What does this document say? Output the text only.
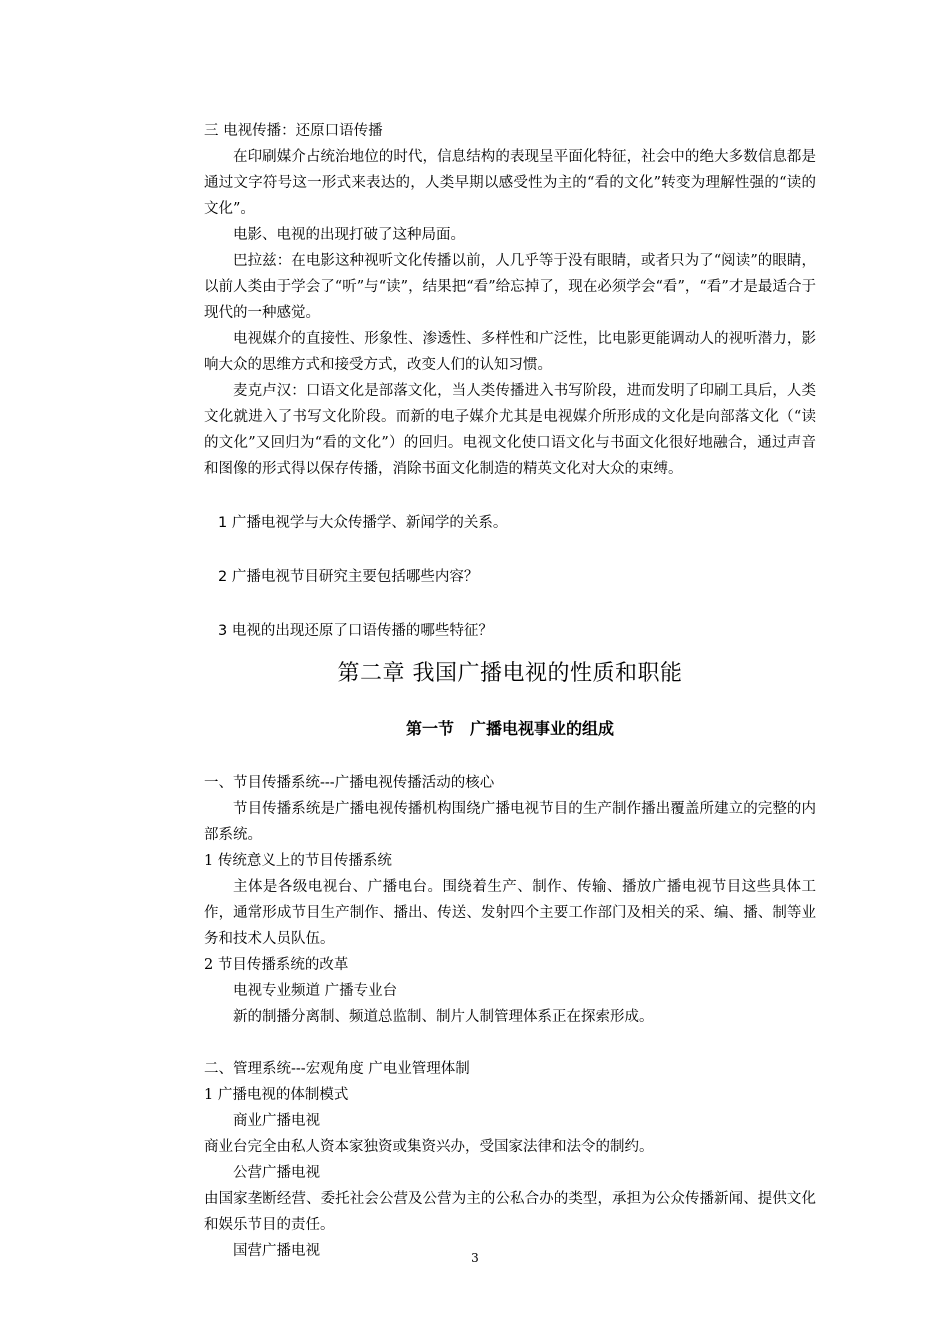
三 电视传播：还原口语传播

在印刷媒介占统治地位的时代，信息结构的表现呈平面化特征，社会中的绝大多数信息都是通过文字符号这一形式来表达的，人类早期以感受性为主的“看的文化”转变为理解性强的“读的文化”。

电影、电视的出现打破了这种局面。

巴拉兹：在电影这种视听文化传播以前，人几乎等于没有眼睛，或者只为了“阅读”的眼睛，以前人类由于学会了“听”与“读”，结果把“看”给忘掉了，现在必须学会“看”，“看”才是最适合于现代的一种感觉。

电视媒介的直接性、形象性、渗透性、多样性和广泛性，比电影更能调动人的视听潜力，影响大众的思维方式和接受方式，改变人们的认知习惯。

麦克卢汉：口语文化是部落文化，当人类传播进入书写阶段，进而发明了印刷工具后，人类文化就进入了书写文化阶段。而新的电子媒介尤其是电视媒介所形成的文化是向部落文化（“读的文化”又回归为“看的文化”）的回归。电视文化使口语文化与书面文化很好地融合，通过声音和图像的形式得以保存传播，消除书面文化制造的精英文化对大众的束缚。

1 广播电视学与大众传播学、新闻学的关系。
2 广播电视节目研究主要包括哪些内容？
3 电视的出现还原了口语传播的哪些特征？
第二章 我国广播电视的性质和职能
第一节　广播电视事业的组成
一、节目传播系统---广播电视传播活动的核心

节目传播系统是广播电视传播机构围绕广播电视节目的生产制作播出覆盖所建立的完整的内部系统。

1 传统意义上的节目传播系统

主体是各级电视台、广播电台。围绕着生产、制作、传输、播放广播电视节目这些具体工作，通常形成节目生产制作、播出、传送、发射四个主要工作部门及相关的采、编、播、制等业务和技术人员队伍。

2 节目传播系统的改革
电视专业频道 广播专业台
新的制播分离制、频道总监制、制片人制管理体系正在探索形成。
二、管理系统---宏观角度 广电业管理体制
1 广播电视的体制模式
商业广播电视

商业台完全由私人资本家独资或集资兴办，受国家法律和法令的制约。

公营广播电视

由国家垄断经营、委托社会公营及公营为主的公私合办的类型，承担为公众传播新闻、提供文化和娱乐节目的责任。

国营广播电视	3
